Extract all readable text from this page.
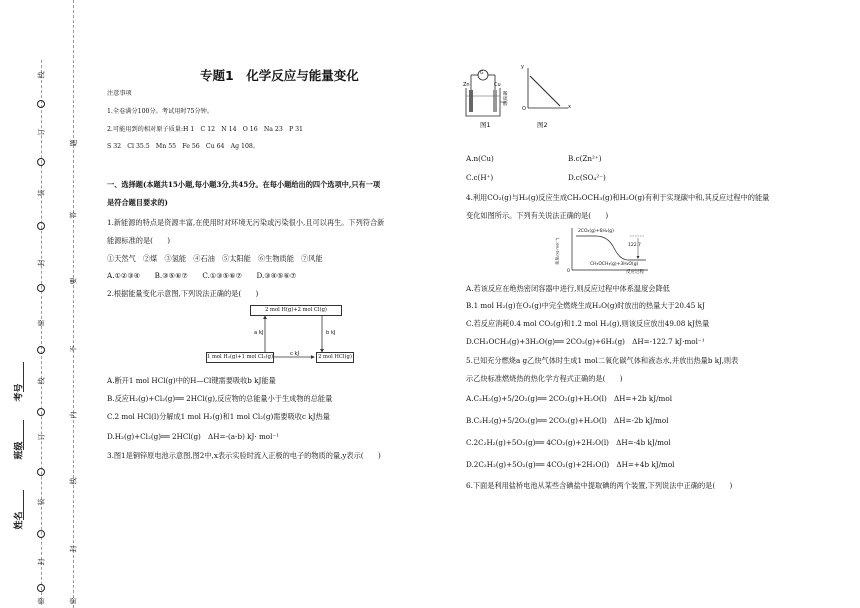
线
订
装
封
密
线
订
装
封
密
题
答
要
不
内
线
封
密
考号
班级
姓名
专题1　化学反应与能量变化
注意事项
1.全卷满分100分。考试用时75分钟。
2.可能用到的相对原子质量:H 1　C 12　N 14　O 16　Na 23　P 31
S 32　Cl 35.5　Mn 55　Fe 56　Cu 64　Ag 108。
一、选择题(本题共15小题,每小题3分,共45分。在每小题给出的四个选项中,只有一项
是符合题目要求的)
1.新能源的特点是资源丰富,在使用时对环境无污染或污染很小,且可以再生。下列符合新
能源标准的是(　　)
①天然气　②煤　③氢能　④石油　⑤太阳能　⑥生物质能　⑦风能
A.①②③④　　B.③⑤⑥⑦　　C.①③⑤⑥⑦　　D.③④⑤⑥⑦
2.根据能量变化示意图,下列说法正确的是(　　)
2 mol H(g)+2 mol Cl(g)
1 mol H₂(g)+1 mol Cl₂(g)	2 mol HCl(g)
a kJ	b kJ
c kJ
A.断开1 mol HCl(g)中的H—Cl键需要吸收b kJ能量
B.反应H₂(g)+Cl₂(g)══ 2HCl(g),反应物的总能量小于生成物的总能量
C.2 mol HCl(l)分解成1 mol H₂(g)和1 mol Cl₂(g)需要吸收c kJ热量
D.H₂(g)+Cl₂(g)══ 2HCl(g)　ΔH=-(a-b) kJ· mol⁻¹
3.图1是铜锌原电池示意图,图2中,x表示实验时流入正极的电子的物质的量,y表示(　　)
G
Zn	Cu
稀硫酸
图1
y
x
O
图2
A.n(Cu)	B.c(Zn²⁺)
C.c(H⁺)	D.c(SO₄²⁻)
4.利用CO₂(g)与H₂(g)反应生成CH₃OCH₃(g)和H₂O(g)有利于实现碳中和,其反应过程中的能量
变化如图所示。下列有关说法正确的是(　　)
能量/(kJ·mol⁻¹)
2CO₂(g)+6H₂(g)
122.7
CH₃OCH₃(g)+3H₂O(g)
0	反应过程
A.若该反应在绝热密闭容器中进行,则反应过程中体系温度会降低
B.1 mol H₂(g)在O₂(g)中完全燃烧生成H₂O(g)时放出的热量大于20.45 kJ
C.若反应消耗0.4 mol CO₂(g)和1.2 mol H₂(g),则该反应放出49.08 kJ热量
D.CH₃OCH₃(g)+3H₂O(g)══ 2CO₂(g)+6H₂(g)　ΔH=-122.7 kJ·mol⁻¹
5.已知充分燃烧a g乙炔气体时生成1 mol二氧化碳气体和液态水,并放出热量b kJ,则表
示乙炔标准燃烧热的热化学方程式正确的是(　　)
A.C₂H₂(g)+5/2O₂(g)══ 2CO₂(g)+H₂O(l)　ΔH=+2b kJ/mol
B.C₂H₂(g)+5/2O₂(g)══ 2CO₂(g)+H₂O(l)　ΔH=-2b kJ/mol
C.2C₂H₂(g)+5O₂(g)══ 4CO₂(g)+2H₂O(l)　ΔH=-4b kJ/mol
D.2C₂H₂(g)+5O₂(g)══ 4CO₂(g)+2H₂O(l)　ΔH=+4b kJ/mol
6.下面是利用盐桥电池从某些含碘盐中提取碘的两个装置,下列说法中正确的是(　　)
